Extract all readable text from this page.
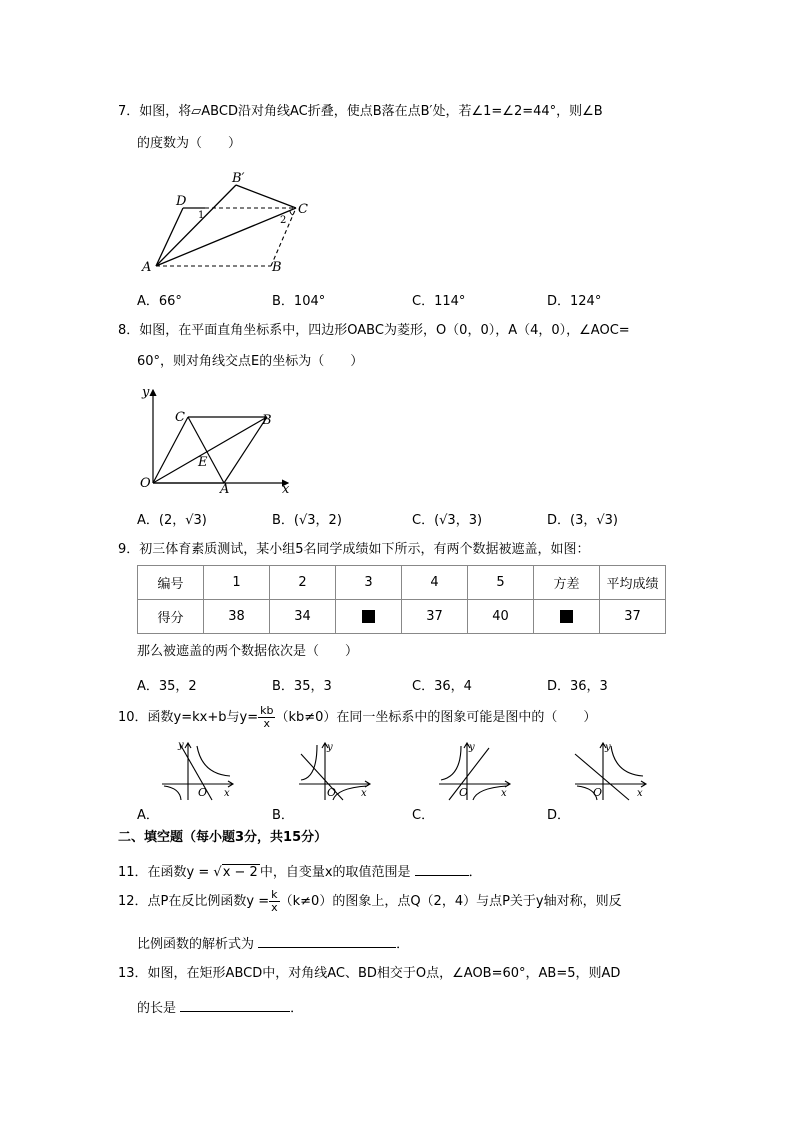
7．如图，将▱ABCD沿对角线AC折叠，使点B落在点B′处，若∠1=∠2=44°，则∠B
的度数为（　　）
B′
D
C
A	B
1	2
A．66°	B．104°	C．114°	D．124°
8．如图，在平面直角坐标系中，四边形OABC为菱形，O（0，0），A（4，0），∠AOC=
60°，则对角线交点E的坐标为（　　）
y
x
O	A
B
C
E
A．(2，√3)	B．(√3，2)	C．(√3，3)	D．(3，√3)
9．初三体育素质测试，某小组5名同学成绩如下所示，有两个数据被遮盖，如图：
编号	1	2	3	4	5	方差	平均成绩
得分	38	34		37	40		37
那么被遮盖的两个数据依次是（　　）
A．35，2	B．35，3	C．36，4	D．36，3
10．函数y=kx+b与$y= \frac{kb}{x} (kb\ne 0)$在同一坐标系中的图象可能是图中的（　　）
y
x
O
y
x
O
y
x
O
y
x
O
A．	B．	C．	D．
二、填空题（每小题3分，共15分）
11．在函数y = √x − 2 中，自变量x的取值范围是	．
12．点P在反比例函数$y = \frac{k}{x} (k\ne 0)$的图象上，点Q（2，4）与点P关于y轴对称，则反
比例函数的解析式为	．
13．如图，在矩形ABCD中，对角线AC、BD相交于O点，∠AOB=60°，AB=5，则AD
的长是	．
